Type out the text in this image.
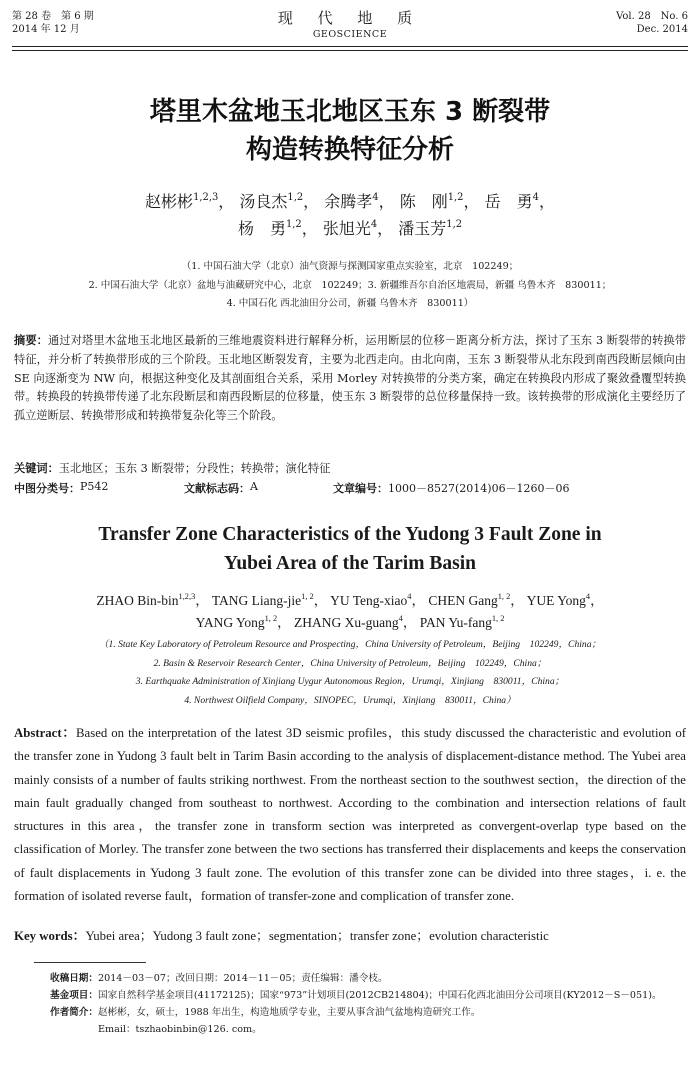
第 28 卷　第 6 期
2014 年 12 月
现 代 地 质
GEOSCIENCE
Vol. 28　No. 6
Dec. 2014
塔里木盆地玉北地区玉东 3 断裂带
构造转换特征分析
赵彬彬$^{1,2,3}$， 汤良杰$^{1,2}$， 余腾孝$^4$， 陈　刚$^{1,2}$， 岳　勇$^4$，
杨　勇$^{1,2}$， 张旭光$^4$， 潘玉芳$^{1,2}$
（1. 中国石油大学（北京）油气资源与探测国家重点实验室，北京　102249；
2. 中国石油大学（北京）盆地与油藏研究中心，北京　102249；3. 新疆维吾尔自治区地震局，新疆 乌鲁木齐　830011；
4. 中国石化 西北油田分公司，新疆 乌鲁木齐　830011）
摘要：通过对塔里木盆地玉北地区最新的三维地震资料进行解释分析，运用断层的位移－距离分析方法，探讨了玉东 3 断裂带的转换带特征，并分析了转换带形成的三个阶段。玉北地区断裂发育，主要为北西走向。由北向南，玉东 3 断裂带从北东段到南西段断层倾向由 SE 向逐渐变为 NW 向，根据这种变化及其剖面组合关系，采用 Morley 对转换带的分类方案，确定在转换段内形成了聚敛叠覆型转换带。转换段的转换带传递了北东段断层和南西段断层的位移量，使玉东 3 断裂带的总位移量保持一致。该转换带的形成演化主要经历了孤立逆断层、转换带形成和转换带复杂化等三个阶段。
关键词：玉北地区；玉东 3 断裂带；分段性；转换带；演化特征
中图分类号： P542	文献标志码： A	文章编号： 1000－8527(2014)06－1260－06
Transfer Zone Characteristics of the Yudong 3 Fault Zone in
Yubei Area of the Tarim Basin
ZHAO Bin-bin$^{1,2,3}$， TANG Liang-jie$^{1, 2}$， YU Teng-xiao$^4$， CHEN Gang$^{1, 2}$， YUE Yong$^4$，
YANG Yong$^{1, 2}$， ZHANG Xu-guang$^4$， PAN Yu-fang$^{1, 2}$
（1. State Key Laboratory of Petroleum Resource and Prospecting，China University of Petroleum，Beijing　102249，China；
2. Basin & Reservoir Research Center，China University of Petroleum，Beijing　102249，China；
3. Earthquake Administration of Xinjiang Uygur Autonomous Region，Urumqi，Xinjiang　830011，China；
4. Northwest Oilfield Company，SINOPEC，Urumqi，Xinjiang　830011，China）
Abstract：Based on the interpretation of the latest 3D seismic profiles，this study discussed the characteristic and evolution of the transfer zone in Yudong 3 fault belt in Tarim Basin according to the analysis of displacement-distance method. The Yubei area mainly consists of a number of faults striking northwest. From the northeast section to the southwest section，the direction of the main fault gradually changed from southeast to northwest. According to the combination and intersection relations of fault structures in this area，the transfer zone in transform section was interpreted as convergent-overlap type based on the classification of Morley. The transfer zone between the two sections has transferred their displacements and keeps the conservation of fault displacements in Yudong 3 fault zone. The evolution of this transfer zone can be divided into three stages，i. e. the formation of isolated reverse fault，formation of transfer-zone and complication of transfer zone.
Key words：Yubei area；Yudong 3 fault zone；segmentation；transfer zone；evolution characteristic
收稿日期： 2014－03－07；改回日期：2014－11－05；责任编辑：潘令枝。
基金项目： 国家自然科学基金项目(41172125)；国家“973”计划项目(2012CB214804)；中国石化西北油田分公司项目(KY2012－S－051)。
作者简介： 赵彬彬，女，硕士，1988 年出生，构造地质学专业，主要从事含油气盆地构造研究工作。
Email：tszhaobinbin@126. com。
